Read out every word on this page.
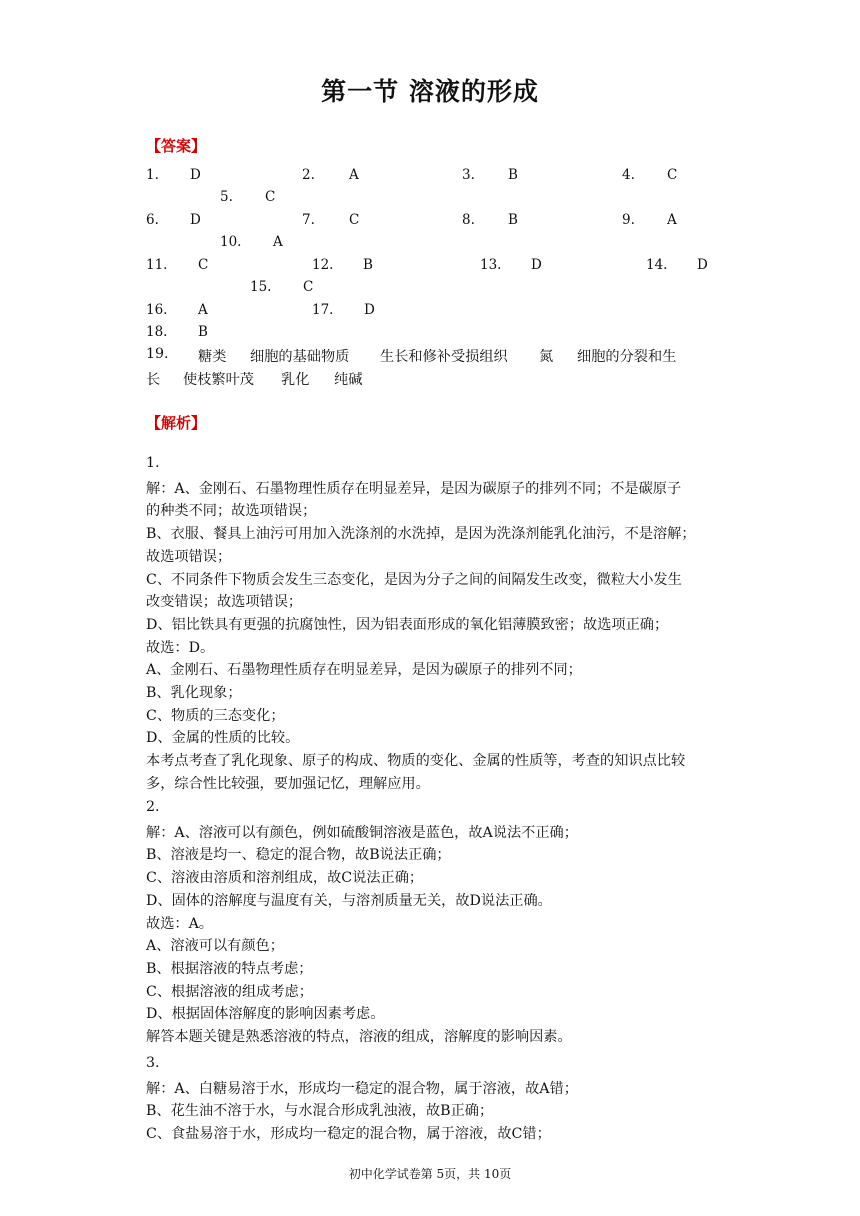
第一节 溶液的形成
【答案】
1. D	2.	A	3. B	4. C
5. C
6. D	7.	C	8. B	9. A
10. A
11. C	12. B	13. D	14. D
15. C
16. A	17. D
18. B
19. 糖类 细胞的基础物质 生长和修补受损组织 氮 细胞的分裂和生
长 使枝繁叶茂 乳化 纯碱
【解析】
1.
解：A、金刚石、石墨物理性质存在明显差异，是因为碳原子的排列不同；不是碳原子
的种类不同；故选项错误；
B、衣服、餐具上油污可用加入洗涤剂的水洗掉，是因为洗涤剂能乳化油污，不是溶解；
故选项错误；
C、不同条件下物质会发生三态变化，是因为分子之间的间隔发生改变，微粒大小发生
改变错误；故选项错误；
D、铝比铁具有更强的抗腐蚀性，因为铝表面形成的氧化铝薄膜致密；故选项正确；
故选：D。
A、金刚石、石墨物理性质存在明显差异，是因为碳原子的排列不同；
B、乳化现象；
C、物质的三态变化；
D、金属的性质的比较。
本考点考查了乳化现象、原子的构成、物质的变化、金属的性质等，考查的知识点比较
多，综合性比较强，要加强记忆，理解应用。
2.
解：A、溶液可以有颜色，例如硫酸铜溶液是蓝色，故A说法不正确；
B、溶液是均一、稳定的混合物，故B说法正确；
C、溶液由溶质和溶剂组成，故C说法正确；
D、固体的溶解度与温度有关，与溶剂质量无关，故D说法正确。
故选：A。
A、溶液可以有颜色；
B、根据溶液的特点考虑；
C、根据溶液的组成考虑；
D、根据固体溶解度的影响因素考虑。
解答本题关键是熟悉溶液的特点，溶液的组成，溶解度的影响因素。
3.
解：A、白糖易溶于水，形成均一稳定的混合物，属于溶液，故A错；
B、花生油不溶于水，与水混合形成乳浊液，故B正确；
C、食盐易溶于水，形成均一稳定的混合物，属于溶液，故C错；
初中化学试卷第 5页，共 10页
